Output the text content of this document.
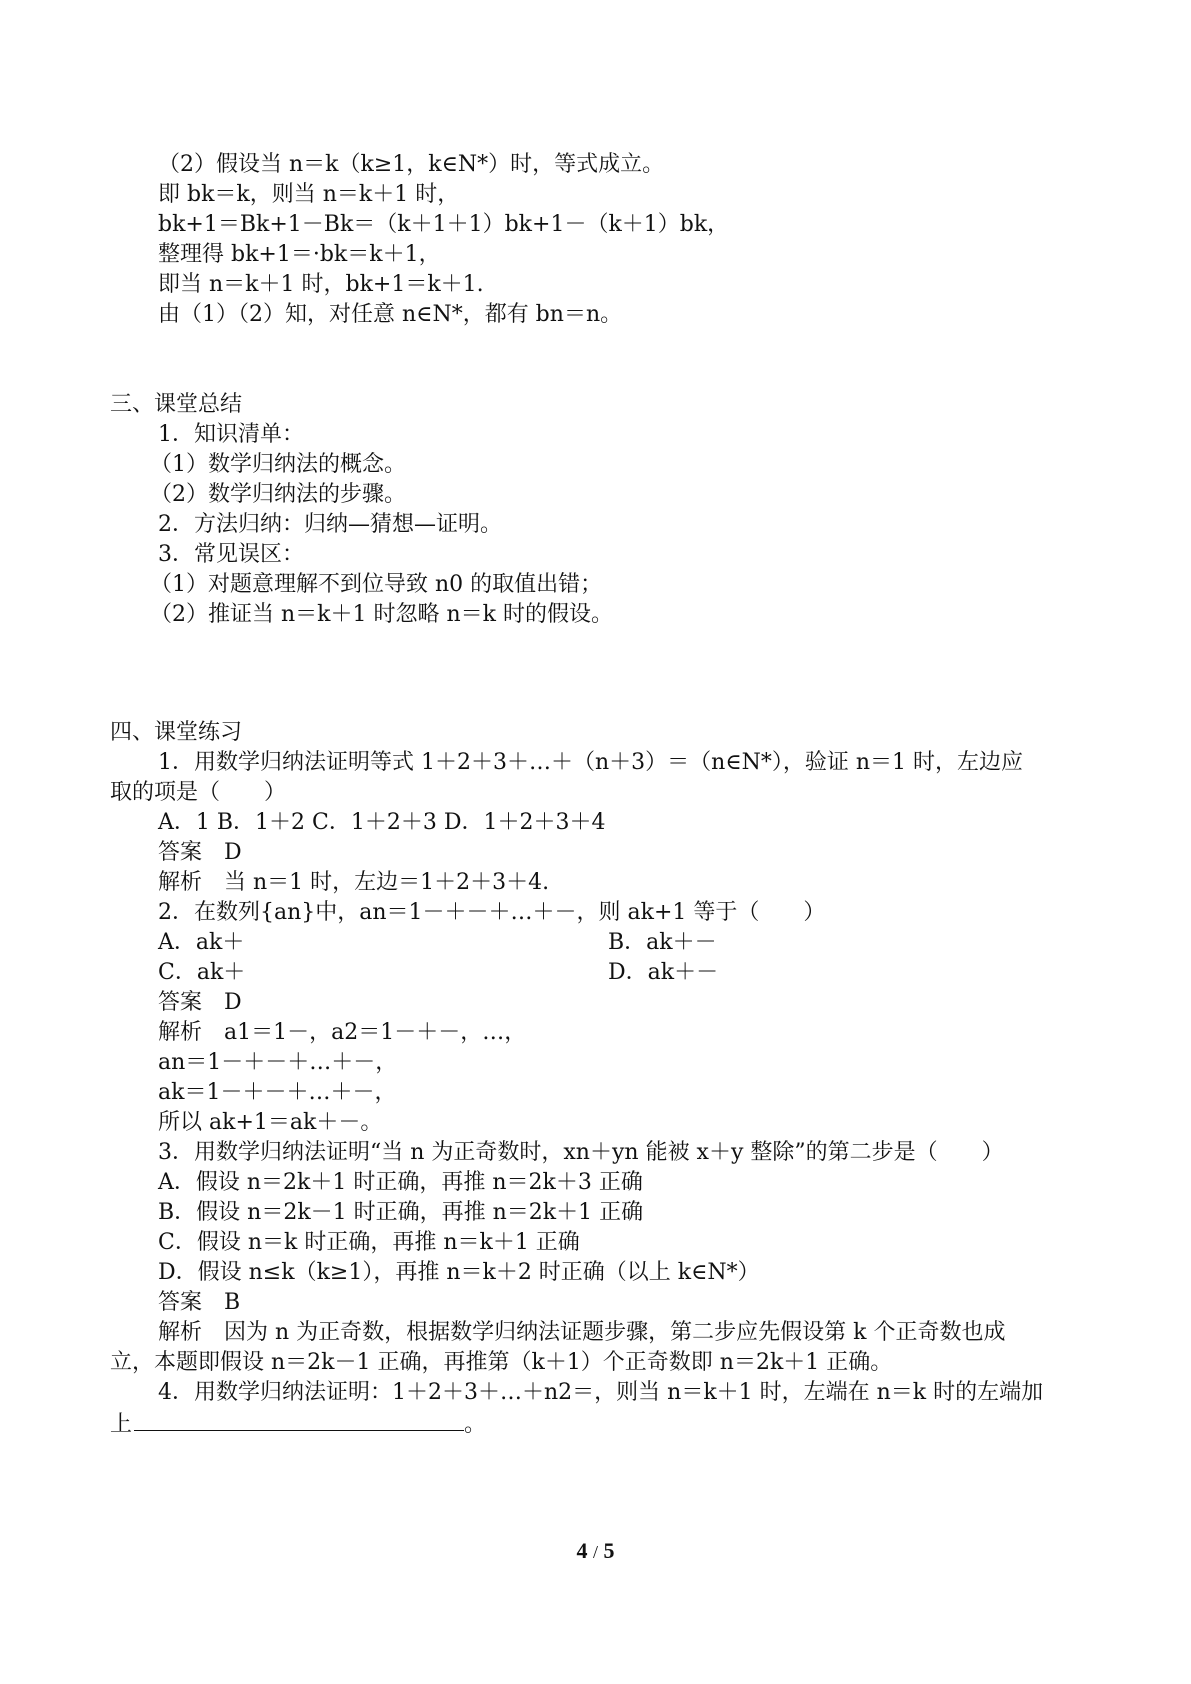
（2）假设当 n＝k（k≥1，k∈N*）时，等式成立。
即 bk＝k，则当 n＝k＋1 时，
bk+1＝Bk+1－Bk＝（k＋1＋1）bk+1－（k＋1）bk，
整理得 bk+1＝·bk＝k＋1，
即当 n＝k＋1 时，bk+1＝k＋1.
由（1）（2）知，对任意 n∈N*，都有 bn＝n。
三、课堂总结
1．知识清单：
（1）数学归纳法的概念。
（2）数学归纳法的步骤。
2．方法归纳：归纳—猜想—证明。
3．常见误区：
（1）对题意理解不到位导致 n0 的取值出错；
（2）推证当 n＝k＋1 时忽略 n＝k 时的假设。
四、课堂练习
1．用数学归纳法证明等式 1＋2＋3＋…＋（n＋3）＝（n∈N*），验证 n＝1 时，左边应
取的项是（　　）
A．1 B．1＋2 C．1＋2＋3 D．1＋2＋3＋4
答案　D
解析　当 n＝1 时，左边＝1＋2＋3＋4.
2．在数列{an}中，an＝1－＋－＋…＋－，则 ak+1 等于（　　）
A．ak＋	B．ak＋－
C．ak＋	D．ak＋－
答案　D
解析　a1＝1－，a2＝1－＋－，…，
an＝1－＋－＋…＋－，
ak＝1－＋－＋…＋－，
所以 ak+1＝ak＋－。
3．用数学归纳法证明“当 n 为正奇数时，xn＋yn 能被 x＋y 整除”的第二步是（　　）
A．假设 n＝2k＋1 时正确，再推 n＝2k＋3 正确
B．假设 n＝2k－1 时正确，再推 n＝2k＋1 正确
C．假设 n＝k 时正确，再推 n＝k＋1 正确
D．假设 n≤k（k≥1），再推 n＝k＋2 时正确（以上 k∈N*）
答案　B
解析　因为 n 为正奇数，根据数学归纳法证题步骤，第二步应先假设第 k 个正奇数也成
立，本题即假设 n＝2k－1 正确，再推第（k＋1）个正奇数即 n＝2k＋1 正确。
4．用数学归纳法证明：1＋2＋3＋…＋n2＝，则当 n＝k＋1 时，左端在 n＝k 时的左端加
上	。
4 / 5
